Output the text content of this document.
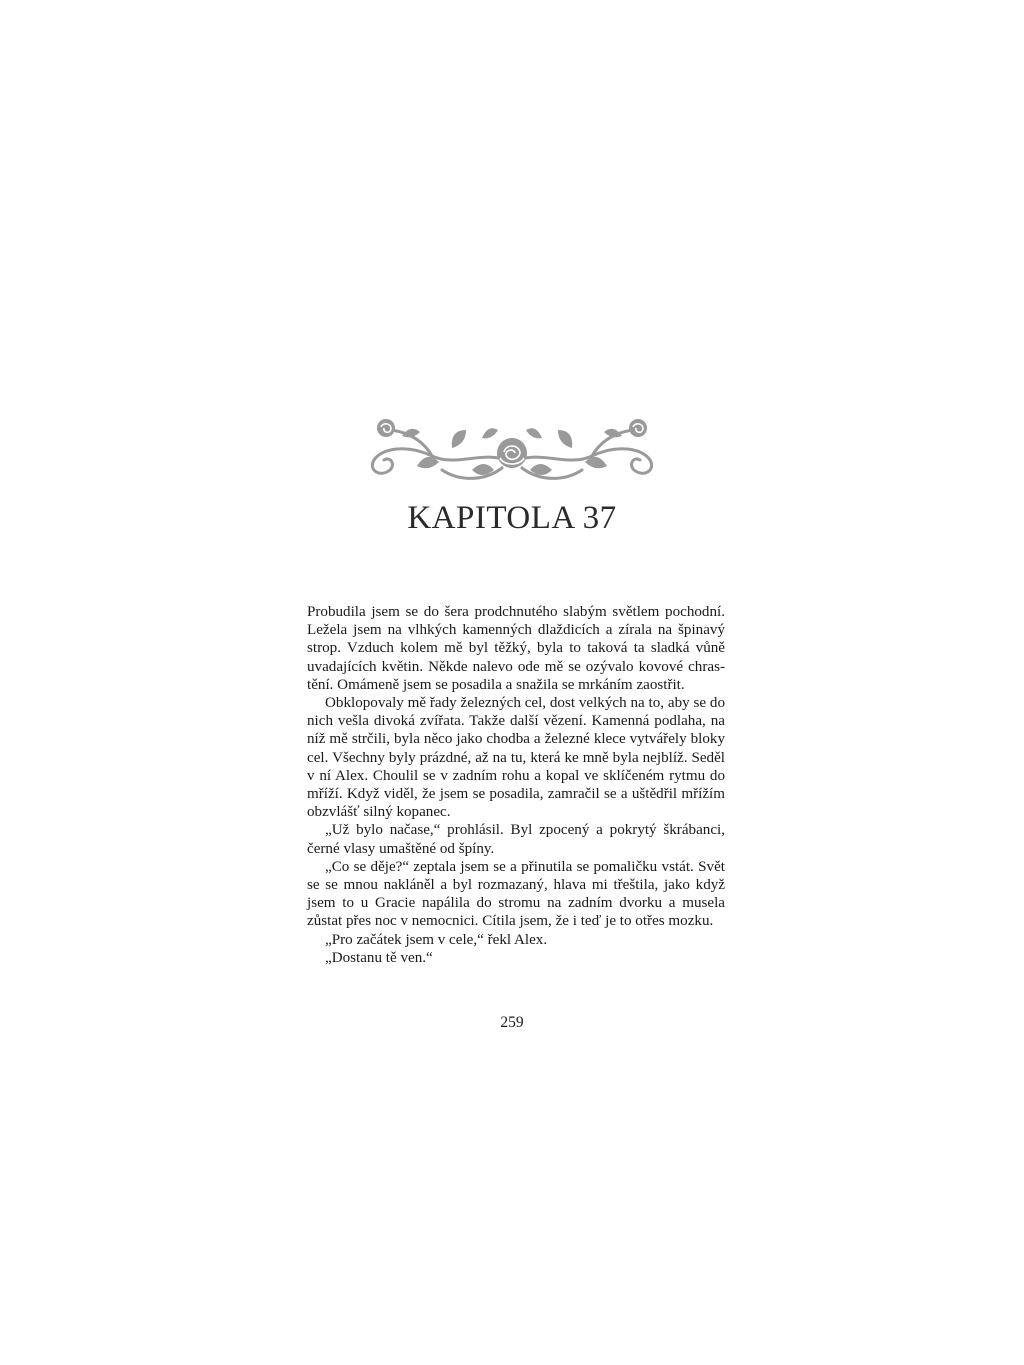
KAPITOLA 37

Probudila jsem se do šera prodchnutého slabým světlem pochodní. Ležela jsem na vlhkých kamenných dlaždicích a zírala na špinavý strop. Vzduch kolem mě byl těžký, byla to taková ta sladká vůně uvadajících květin. Někde nalevo ode mě se ozývalo kovové chrastění. Omámeně jsem se posadila a snažila se mrkáním zaostřit.

Obklopovaly mě řady železných cel, dost velkých na to, aby se do nich vešla divoká zvířata. Takže další vězení. Kamenná podlaha, na níž mě strčili, byla něco jako chodba a železné klece vytvářely bloky cel. Všechny byly prázdné, až na tu, která ke mně byla nejblíž. Seděl v ní Alex. Choulil se v zadním rohu a kopal ve sklíčeném rytmu do mříží. Když viděl, že jsem se posadila, zamračil se a uštědřil mřížím obzvlášť silný kopanec.

„Už bylo načase,“ prohlásil. Byl zpocený a pokrytý škrábanci, černé vlasy umaštěné od špíny.

„Co se děje?“ zeptala jsem se a přinutila se pomaličku vstát. Svět se se mnou nakláněl a byl rozmazaný, hlava mi třeštila, jako když jsem to u Gracie napálila do stromu na zadním dvorku a musela zůstat přes noc v nemocnici. Cítila jsem, že i teď je to otřes mozku.

„Pro začátek jsem v cele,“ řekl Alex.

„Dostanu tě ven.“

259
